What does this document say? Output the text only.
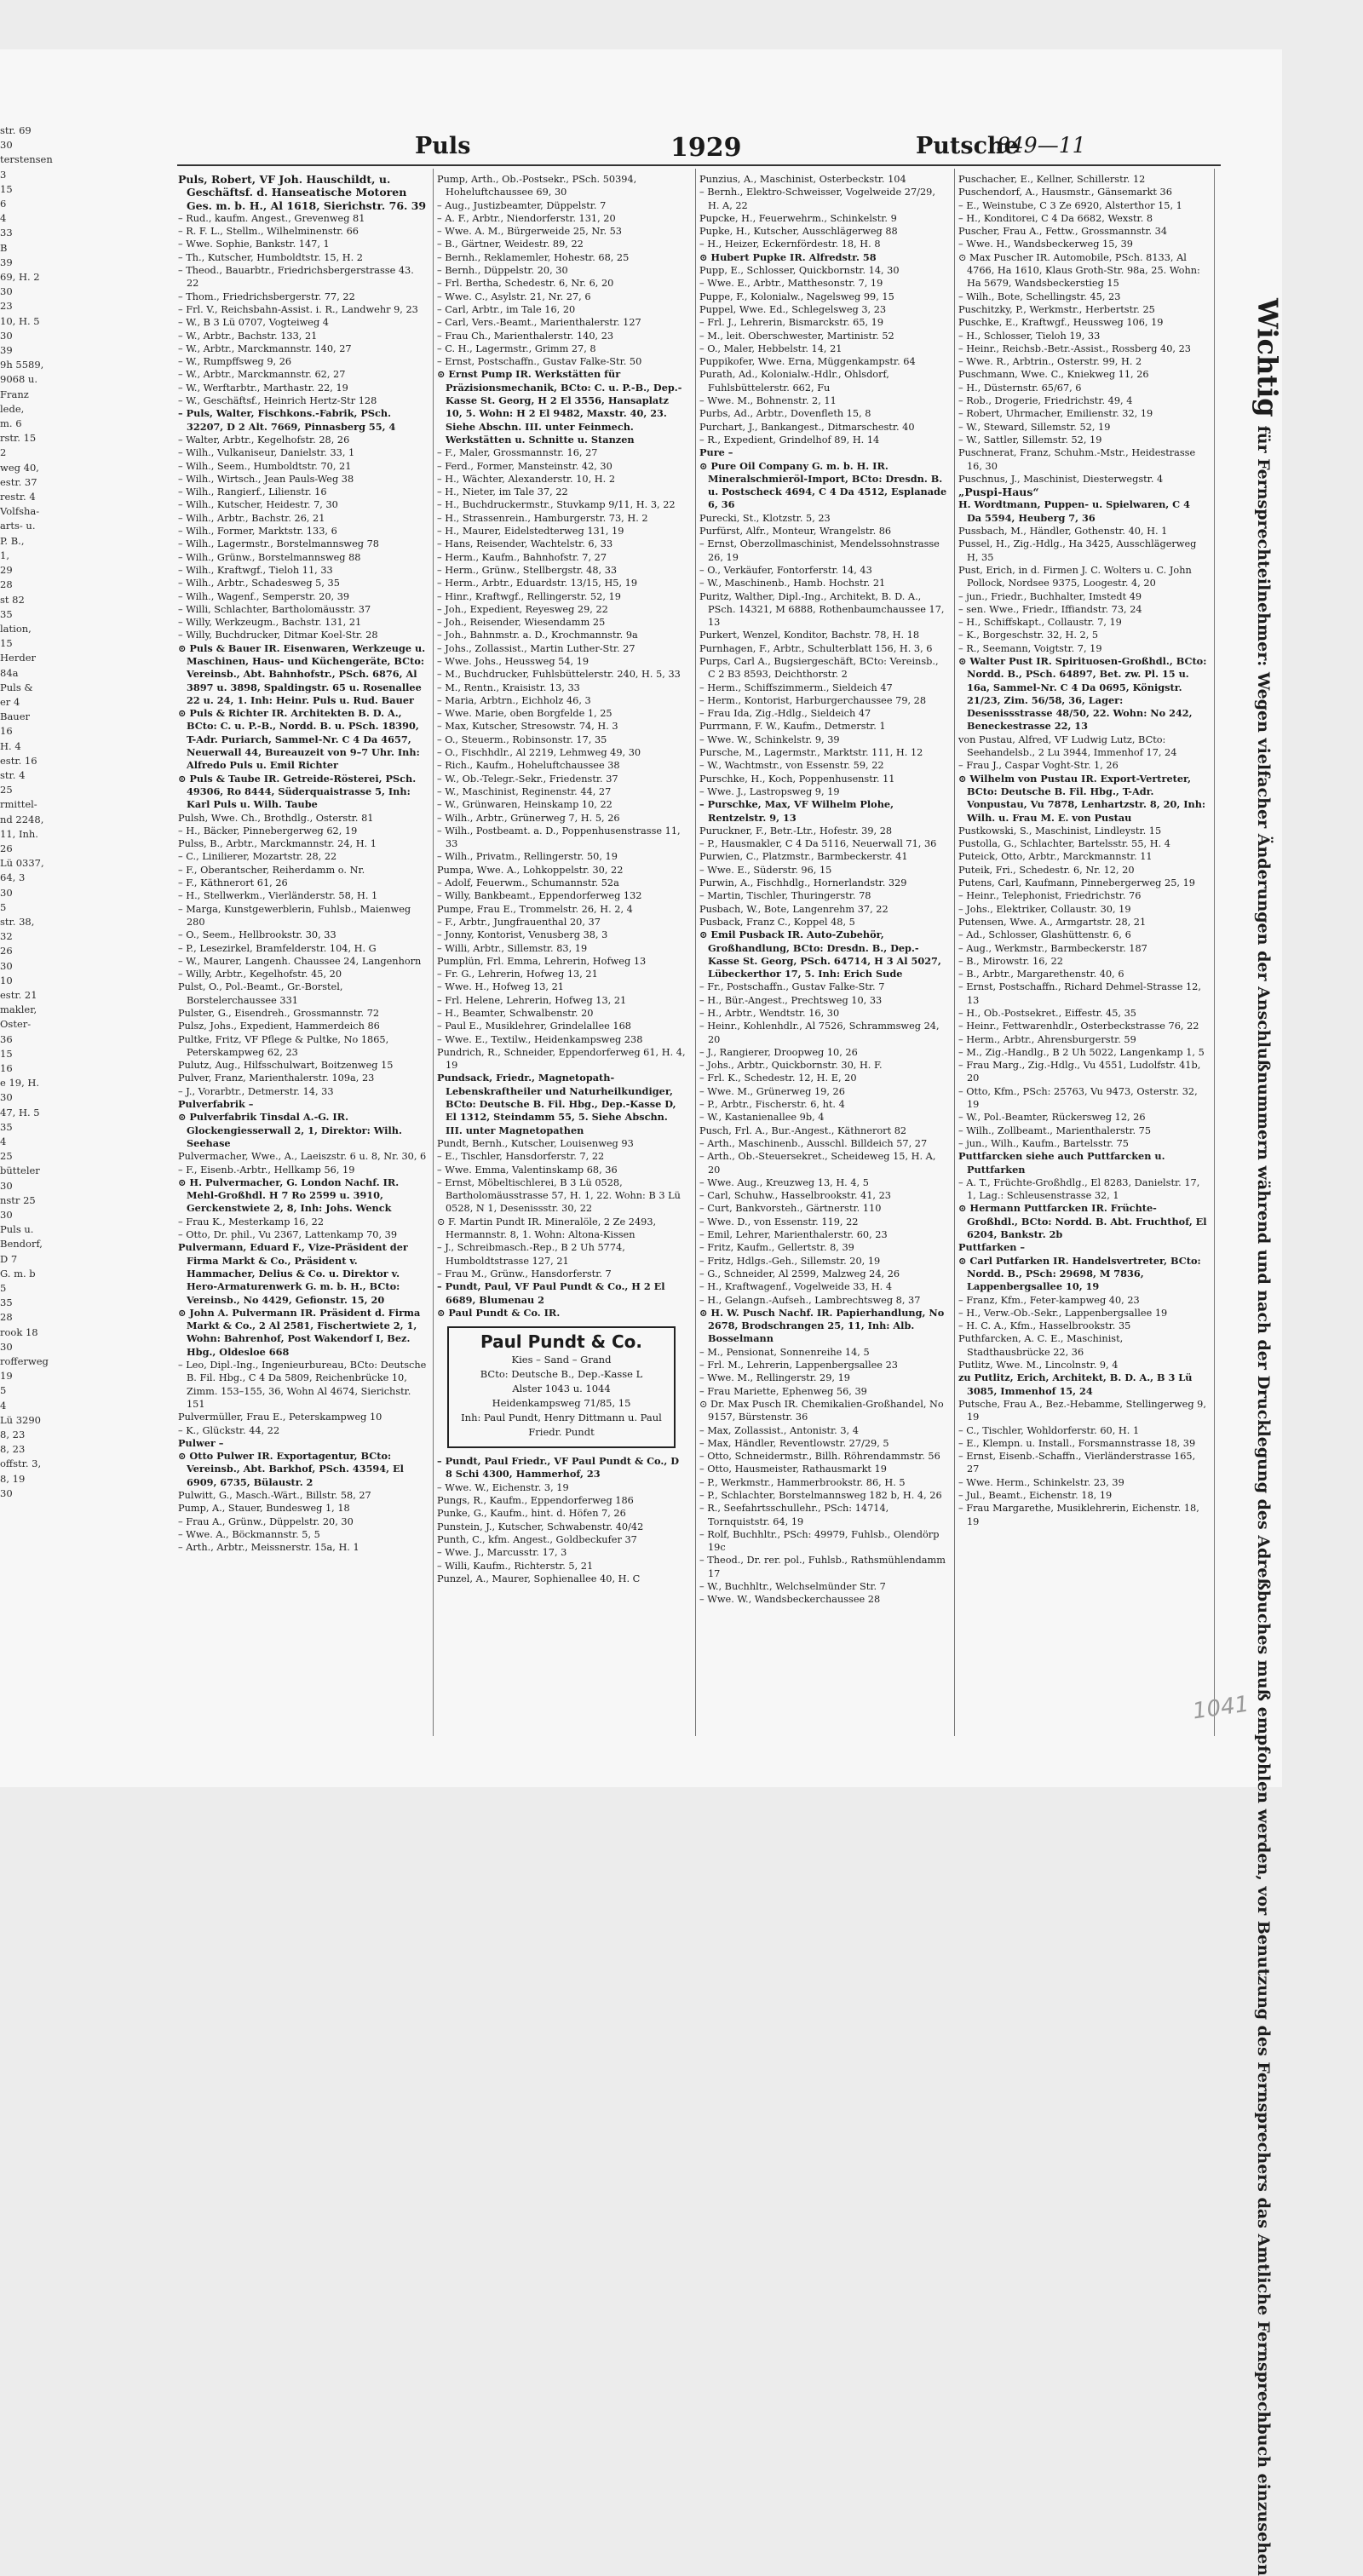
str. 69
30
terstensen
3
15
6
4
33
B
39
69, H. 2
30
23
10, H. 5
30
39
9h 5589,
9068 u.
Franz
lede,
m. 6
rstr. 15
2
weg 40,
estr. 37
restr. 4
Volfsha-
arts- u.
P. B.,
1,
29
28
st 82
35
lation,
15
Herder
84a
Puls &
er 4
Bauer
16
H. 4
estr. 16
str. 4
25
rmittel-
nd 2248,
11, Inh.
26
Lü 0337,
64, 3
30
5
str. 38,
32
26
30
10
estr. 21
makler,
Oster-
36
15
16
e 19, H.
30
47, H. 5
35
4
25
bütteler
30
nstr 25
30
Puls u.
Bendorf,
D 7
G. m. b
5
35
28
rook 18
30
rofferweg
19
5
4
Lü 3290
8, 23
8, 23
offstr. 3,
8, 19
30
Puls	1929	Putsche
849—11

Puls, Robert, VF Joh. Hauschildt, u. Geschäftsf. d. Hanseatische Motoren Ges. m. b. H., Al 1618, Sierichstr. 76. 39

– Rud., kaufm. Angest., Grevenweg 81

– R. F. L., Stellm., Wilhelminenstr. 66

– Wwe. Sophie, Bankstr. 147, 1

– Th., Kutscher, Humboldtstr. 15, H. 2

– Theod., Bauarbtr., Friedrichsbergerstrasse 43. 22

– Thom., Friedrichsbergerstr. 77, 22

– Frl. V., Reichsbahn-Assist. i. R., Landwehr 9, 23

– W., B 3 Lü 0707, Vogteiweg 4

– W., Arbtr., Bachstr. 133, 21

– W., Arbtr., Marckmannstr. 140, 27

– W., Rumpffsweg 9, 26

– W., Arbtr., Marckmannstr. 62, 27

– W., Werftarbtr., Marthastr. 22, 19

– W., Geschäftsf., Heinrich Hertz-Str 128

– Puls, Walter, Fischkons.-Fabrik, PSch. 32207, D 2 Alt. 7669, Pinnasberg 55, 4

– Walter, Arbtr., Kegelhofstr. 28, 26

– Wilh., Vulkaniseur, Danielstr. 33, 1

– Wilh., Seem., Humboldtstr. 70, 21

– Wilh., Wirtsch., Jean Pauls-Weg 38

– Wilh., Rangierf., Lilienstr. 16

– Wilh., Kutscher, Heidestr. 7, 30

– Wilh., Arbtr., Bachstr. 26, 21

– Wilh., Former, Marktstr. 133, 6

– Wilh., Lagermstr., Borstelmannsweg 78

– Wilh., Grünw., Borstelmannsweg 88

– Wilh., Kraftwgf., Tieloh 11, 33

– Wilh., Arbtr., Schadesweg 5, 35

– Wilh., Wagenf., Semperstr. 20, 39

– Willi, Schlachter, Bartholomäusstr. 37

– Willy, Werkzeugm., Bachstr. 131, 21

– Willy, Buchdrucker, Ditmar Koel-Str. 28

⊙ Puls & Bauer IR. Eisenwaren, Werkzeuge u. Maschinen, Haus- und Küchengeräte, BCto: Vereinsb., Abt. Bahnhofstr., PSch. 6876, Al 3897 u. 3898, Spaldingstr. 65 u. Rosenallee 22 u. 24, 1. Inh: Heinr. Puls u. Rud. Bauer

⊙ Puls & Richter IR. Architekten B. D. A., BCto: C. u. P.-B., Nordd. B. u. PSch. 18390, T-Adr. Puriarch, Sammel-Nr. C 4 Da 4657, Neuerwall 44, Bureauzeit von 9–7 Uhr. Inh: Alfredo Puls u. Emil Richter

⊙ Puls & Taube IR. Getreide-Rösterei, PSch. 49306, Ro 8444, Süderquaistrasse 5, Inh: Karl Puls u. Wilh. Taube

Pulsh, Wwe. Ch., Brothdlg., Osterstr. 81

– H., Bäcker, Pinnebergerweg 62, 19

Pulss, B., Arbtr., Marckmannstr. 24, H. 1

– C., Linilierer, Mozartstr. 28, 22

– F., Oberantscher, Reiherdamm o. Nr.

– F., Käthnerort 61, 26

– H., Stellwerkm., Vierländerstr. 58, H. 1

– Marga, Kunstgewerblerin, Fuhlsb., Maienweg 280

– O., Seem., Hellbrookstr. 30, 33

– P., Lesezirkel, Bramfelderstr. 104, H. G

– W., Maurer, Langenh. Chaussee 24, Langenhorn

– Willy, Arbtr., Kegelhofstr. 45, 20

Pulst, O., Pol.-Beamt., Gr.-Borstel, Borstelerchaussee 331

Pulster, G., Eisendreh., Grossmannstr. 72

Pulsz, Johs., Expedient, Hammerdeich 86

Pultke, Fritz, VF Pflege & Pultke, No 1865, Peterskampweg 62, 23

Pulutz, Aug., Hilfsschulwart, Boitzenweg 15

Pulver, Franz, Marienthalerstr. 109a, 23

– J., Vorarbtr., Detmerstr. 14, 33

Pulverfabrik –

⊙ Pulverfabrik Tinsdal A.-G. IR. Glockengiesserwall 2, 1, Direktor: Wilh. Seehase

Pulvermacher, Wwe., A., Laeiszstr. 6 u. 8, Nr. 30, 6

– F., Eisenb.-Arbtr., Hellkamp 56, 19

⊙ H. Pulvermacher, G. London Nachf. IR. Mehl-Großhdl. H 7 Ro 2599 u. 3910, Gerckenstwiete 2, 8, Inh: Johs. Wenck

– Frau K., Mesterkamp 16, 22

– Otto, Dr. phil., Vu 2367, Lattenkamp 70, 39

Pulvermann, Eduard F., Vize-Präsident der Firma Markt & Co., Präsident v. Hammacher, Delius & Co. u. Direktor v. Hero-Armaturenwerk G. m. b. H., BCto: Vereinsb., No 4429, Gefionstr. 15, 20

⊙ John A. Pulvermann IR. Präsident d. Firma Markt & Co., 2 Al 2581, Fischertwiete 2, 1, Wohn: Bahrenhof, Post Wakendorf I, Bez. Hbg., Oldesloe 668

– Leo, Dipl.-Ing., Ingenieurbureau, BCto: Deutsche B. Fil. Hbg., C 4 Da 5809, Reichenbrücke 10, Zimm. 153–155, 36, Wohn Al 4674, Sierichstr. 151

Pulvermüller, Frau E., Peterskampweg 10

– K., Glückstr. 44, 22

Pulwer –

⊙ Otto Pulwer IR. Exportagentur, BCto: Vereinsb., Abt. Barkhof, PSch. 43594, El 6909, 6735, Bülaustr. 2

Pulwitt, G., Masch.-Wärt., Billstr. 58, 27

Pump, A., Stauer, Bundesweg 1, 18

– Frau A., Grünw., Düppelstr. 20, 30

– Wwe. A., Böckmannstr. 5, 5

– Arth., Arbtr., Meissnerstr. 15a, H. 1

Pump, Arth., Ob.-Postsekr., PSch. 50394, Hoheluftchaussee 69, 30

– Aug., Justizbeamter, Düppelstr. 7

– A. F., Arbtr., Niendorferstr. 131, 20

– Wwe. A. M., Bürgerweide 25, Nr. 53

– B., Gärtner, Weidestr. 89, 22

– Bernh., Reklamemler, Hohestr. 68, 25

– Bernh., Düppelstr. 20, 30

– Frl. Bertha, Schedestr. 6, Nr. 6, 20

– Wwe. C., Asylstr. 21, Nr. 27, 6

– Carl, Arbtr., im Tale 16, 20

– Carl, Vers.-Beamt., Marienthalerstr. 127

– Frau Ch., Marienthalerstr. 140, 23

– C. H., Lagermstr., Grimm 27, 8

– Ernst, Postschaffn., Gustav Falke-Str. 50

⊙ Ernst Pump IR. Werkstätten für Präzisionsmechanik, BCto: C. u. P.-B., Dep.-Kasse St. Georg, H 2 El 3556, Hansaplatz 10, 5. Wohn: H 2 El 9482, Maxstr. 40, 23. Siehe Abschn. III. unter Feinmech. Werkstätten u. Schnitte u. Stanzen

– F., Maler, Grossmannstr. 16, 27

– Ferd., Former, Mansteinstr. 42, 30

– H., Wächter, Alexanderstr. 10, H. 2

– H., Nieter, im Tale 37, 22

– H., Buchdruckermstr., Stuvkamp 9/11, H. 3, 22

– H., Strassenrein., Hamburgerstr. 73, H. 2

– H., Maurer, Eidelstedterweg 131, 19

– Hans, Reisender, Wachtelstr. 6, 33

– Herm., Kaufm., Bahnhofstr. 7, 27

– Herm., Grünw., Stellbergstr. 48, 33

– Herm., Arbtr., Eduardstr. 13/15, H5, 19

– Hinr., Kraftwgf., Rellingerstr. 52, 19

– Joh., Expedient, Reyesweg 29, 22

– Joh., Reisender, Wiesendamm 25

– Joh., Bahnmstr. a. D., Krochmannstr. 9a

– Johs., Zollassist., Martin Luther-Str. 27

– Wwe. Johs., Heussweg 54, 19

– M., Buchdrucker, Fuhlsbüttelerstr. 240, H. 5, 33

– M., Rentn., Kraisistr. 13, 33

– Maria, Arbtrn., Eichholz 46, 3

– Wwe. Marie, oben Borgfelde 1, 25

– Max, Kutscher, Stresowstr. 74, H. 3

– O., Steuerm., Robinsonstr. 17, 35

– O., Fischhdlr., Al 2219, Lehmweg 49, 30

– Rich., Kaufm., Hoheluftchaussee 38

– W., Ob.-Telegr.-Sekr., Friedenstr. 37

– W., Maschinist, Reginenstr. 44, 27

– W., Grünwaren, Heinskamp 10, 22

– Wilh., Arbtr., Grünerweg 7, H. 5, 26

– Wilh., Postbeamt. a. D., Poppenhusenstrasse 11, 33

– Wilh., Privatm., Rellingerstr. 50, 19

Pumpa, Wwe. A., Lohkoppelstr. 30, 22

– Adolf, Feuerwm., Schumannstr. 52a

– Willy, Bankbeamt., Eppendorferweg 132

Pumpe, Frau E., Trommelstr. 26, H. 2, 4

– F., Arbtr., Jungfrauenthal 20, 37

– Jonny, Kontorist, Venusberg 38, 3

– Willi, Arbtr., Sillemstr. 83, 19

Pumplün, Frl. Emma, Lehrerin, Hofweg 13

– Fr. G., Lehrerin, Hofweg 13, 21

– Wwe. H., Hofweg 13, 21

– Frl. Helene, Lehrerin, Hofweg 13, 21

– H., Beamter, Schwalbenstr. 20

– Paul E., Musiklehrer, Grindelallee 168

– Wwe. E., Textilw., Heidenkampsweg 238

Pundrich, R., Schneider, Eppendorferweg 61, H. 4, 19

Pundsack, Friedr., Magnetopath-Lebenskraftheiler und Naturheilkundiger, BCto: Deutsche B. Fil. Hbg., Dep.-Kasse D, El 1312, Steindamm 55, 5. Siehe Abschn. III. unter Magnetopathen

Pundt, Bernh., Kutscher, Louisenweg 93

– E., Tischler, Hansdorferstr. 7, 22

– Wwe. Emma, Valentinskamp 68, 36

– Ernst, Möbeltischlerei, B 3 Lü 0528, Bartholomäusstrasse 57, H. 1, 22. Wohn: B 3 Lü 0528, N 1, Desenissstr. 30, 22

⊙ F. Martin Pundt IR. Mineralöle, 2 Ze 2493, Hermannstr. 8, 1. Wohn: Altona-Kissen

– J., Schreibmasch.-Rep., B 2 Uh 5774, Humboldtstrasse 127, 21

– Frau M., Grünw., Hansdorferstr. 7

– Pundt, Paul, VF Paul Pundt & Co., H 2 El 6689, Blumenau 2

⊙ Paul Pundt & Co. IR.

Paul Pundt & Co.
Kies – Sand – Grand
BCto: Deutsche B., Dep.-Kasse L
Alster 1043 u. 1044
Heidenkampsweg 71/85, 15
Inh: Paul Pundt, Henry Dittmann u. Paul Friedr. Pundt

– Pundt, Paul Friedr., VF Paul Pundt & Co., D 8 Schi 4300, Hammerhof, 23

– Wwe. W., Eichenstr. 3, 19

Pungs, R., Kaufm., Eppendorferweg 186

Punke, G., Kaufm., hint. d. Höfen 7, 26

Punstein, J., Kutscher, Schwabenstr. 40/42

Punth, C., kfm. Angest., Goldbeckufer 37

– Wwe. J., Marcusstr. 17, 3

– Willi, Kaufm., Richterstr. 5, 21

Punzel, A., Maurer, Sophienallee 40, H. C

Punzius, A., Maschinist, Osterbeckstr. 104

– Bernh., Elektro-Schweisser, Vogelweide 27/29, H. A, 22

Pupcke, H., Feuerwehrm., Schinkelstr. 9

Pupke, H., Kutscher, Ausschlägerweg 88

– H., Heizer, Eckernfördestr. 18, H. 8

⊙ Hubert Pupke IR. Alfredstr. 58

Pupp, E., Schlosser, Quickbornstr. 14, 30

– Wwe. E., Arbtr., Matthesonstr. 7, 19

Puppe, F., Kolonialw., Nagelsweg 99, 15

Puppel, Wwe. Ed., Schlegelsweg 3, 23

– Frl. J., Lehrerin, Bismarckstr. 65, 19

– M., leit. Oberschwester, Martinistr. 52

– O., Maler, Hebbelstr. 14, 21

Puppikofer, Wwe. Erna, Müggenkampstr. 64

Purath, Ad., Kolonialw.-Hdlr., Ohlsdorf, Fuhlsbüttelerstr. 662, Fu

– Wwe. M., Bohnenstr. 2, 11

Purbs, Ad., Arbtr., Dovenfleth 15, 8

Purchart, J., Bankangest., Ditmarschestr. 40

– R., Expedient, Grindelhof 89, H. 14

Pure –

⊙ Pure Oil Company G. m. b. H. IR. Mineralschmieröl-Import, BCto: Dresdn. B. u. Postscheck 4694, C 4 Da 4512, Esplanade 6, 36

Purecki, St., Klotzstr. 5, 23

Purfürst, Alfr., Monteur, Wrangelstr. 86

– Ernst, Oberzollmaschinist, Mendelssohnstrasse 26, 19

– O., Verkäufer, Fontorferstr. 14, 43

– W., Maschinenb., Hamb. Hochstr. 21

Puritz, Walther, Dipl.-Ing., Architekt, B. D. A., PSch. 14321, M 6888, Rothenbaumchaussee 17, 13

Purkert, Wenzel, Konditor, Bachstr. 78, H. 18

Purnhagen, F., Arbtr., Schulterblatt 156, H. 3, 6

Purps, Carl A., Bugsiergeschäft, BCto: Vereinsb., C 2 B3 8593, Deichthorstr. 2

– Herm., Schiffszimmerm., Sieldeich 47

– Herm., Kontorist, Harburgerchaussee 79, 28

– Frau Ida, Zig.-Hdlg., Sieldeich 47

Purrmann, F. W., Kaufm., Detmerstr. 1

– Wwe. W., Schinkelstr. 9, 39

Pursche, M., Lagermstr., Marktstr. 111, H. 12

– W., Wachtmstr., von Essenstr. 59, 22

Purschke, H., Koch, Poppenhusenstr. 11

– Wwe. J., Lastropsweg 9, 19

– Purschke, Max, VF Wilhelm Plohe, Rentzelstr. 9, 13

Puruckner, F., Betr.-Ltr., Hofestr. 39, 28

– P., Hausmakler, C 4 Da 5116, Neuerwall 71, 36

Purwien, C., Platzmstr., Barmbeckerstr. 41

– Wwe. E., Süderstr. 96, 15

Purwin, A., Fischhdlg., Hornerlandstr. 329

– Martin, Tischler, Thuringerstr. 78

Pusbach, W., Bote, Langenrehm 37, 22

Pusback, Franz C., Koppel 48, 5

⊙ Emil Pusback IR. Auto-Zubehör, Großhandlung, BCto: Dresdn. B., Dep.-Kasse St. Georg, PSch. 64714, H 3 Al 5027, Lübeckerthor 17, 5. Inh: Erich Sude

– Fr., Postschaffn., Gustav Falke-Str. 7

– H., Bür.-Angest., Prechtsweg 10, 33

– H., Arbtr., Wendtstr. 16, 30

– Heinr., Kohlenhdlr., Al 7526, Schrammsweg 24, 20

– J., Rangierer, Droopweg 10, 26

– Johs., Arbtr., Quickbornstr. 30, H. F.

– Frl. K., Schedestr. 12, H. E, 20

– Wwe. M., Grünerweg 19, 26

– P., Arbtr., Fischerstr. 6, ht. 4

– W., Kastanienallee 9b, 4

Pusch, Frl. A., Bur.-Angest., Käthnerort 82

– Arth., Maschinenb., Ausschl. Billdeich 57, 27

– Arth., Ob.-Steuersekret., Scheideweg 15, H. A, 20

– Wwe. Aug., Kreuzweg 13, H. 4, 5

– Carl, Schuhw., Hasselbrookstr. 41, 23

– Curt, Bankvorsteh., Gärtnerstr. 110

– Wwe. D., von Essenstr. 119, 22

– Emil, Lehrer, Marienthalerstr. 60, 23

– Fritz, Kaufm., Gellertstr. 8, 39

– Fritz, Hdlgs.-Geh., Sillemstr. 20, 19

– G., Schneider, Al 2599, Malzweg 24, 26

– H., Kraftwagenf., Vogelweide 33, H. 4

– H., Gelangn.-Aufseh., Lambrechtsweg 8, 37

⊙ H. W. Pusch Nachf. IR. Papierhandlung, No 2678, Brodschrangen 25, 11, Inh: Alb. Bosselmann

– M., Pensionat, Sonnenreihe 14, 5

– Frl. M., Lehrerin, Lappenbergsallee 23

– Wwe. M., Rellingerstr. 29, 19

– Frau Mariette, Ephenweg 56, 39

⊙ Dr. Max Pusch IR. Chemikalien-Großhandel, No 9157, Bürstenstr. 36

– Max, Zollassist., Antonistr. 3, 4

– Max, Händler, Reventlowstr. 27/29, 5

– Otto, Schneidermstr., Billh. Röhrendammstr. 56

– Otto, Hausmeister, Rathausmarkt 19

– P., Werkmstr., Hammerbrookstr. 86, H. 5

– P., Schlachter, Borstelmannsweg 182 b, H. 4, 26

– R., Seefahrtsschullehr., PSch: 14714, Tornquiststr. 64, 19

– Rolf, Buchhltr., PSch: 49979, Fuhlsb., Olendörp 19c

– Theod., Dr. rer. pol., Fuhlsb., Rathsmühlendamm 17

– W., Buchhltr., Welchselmünder Str. 7

– Wwe. W., Wandsbeckerchaussee 28

Puschacher, E., Kellner, Schillerstr. 12

Puschendorf, A., Hausmstr., Gänsemarkt 36

– E., Weinstube, C 3 Ze 6920, Alsterthor 15, 1

– H., Konditorei, C 4 Da 6682, Wexstr. 8

Puscher, Frau A., Fettw., Grossmannstr. 34

– Wwe. H., Wandsbeckerweg 15, 39

⊙ Max Puscher IR. Automobile, PSch. 8133, Al 4766, Ha 1610, Klaus Groth-Str. 98a, 25. Wohn: Ha 5679, Wandsbeckerstieg 15

– Wilh., Bote, Schellingstr. 45, 23

Puschitzky, P., Werkmstr., Herbertstr. 25

Puschke, E., Kraftwgf., Heussweg 106, 19

– H., Schlosser, Tieloh 19, 33

– Heinr., Reichsb.-Betr.-Assist., Rossberg 40, 23

– Wwe. R., Arbtrin., Osterstr. 99, H. 2

Puschmann, Wwe. C., Kniekweg 11, 26

– H., Düsternstr. 65/67, 6

– Rob., Drogerie, Friedrichstr. 49, 4

– Robert, Uhrmacher, Emilienstr. 32, 19

– W., Steward, Sillemstr. 52, 19

– W., Sattler, Sillemstr. 52, 19

Puschnerat, Franz, Schuhm.-Mstr., Heidestrasse 16, 30

Puschnus, J., Maschinist, Diesterwegstr. 4

„Puspi-Haus“

H. Wordtmann, Puppen- u. Spielwaren, C 4 Da 5594, Heuberg 7, 36

Pussbach, M., Händler, Gothenstr. 40, H. 1

Pussel, H., Zig.-Hdlg., Ha 3425, Ausschlägerweg H, 35

Pust, Erich, in d. Firmen J. C. Wolters u. C. John Pollock, Nordsee 9375, Loogestr. 4, 20

– jun., Friedr., Buchhalter, Imstedt 49

– sen. Wwe., Friedr., Iffiandstr. 73, 24

– H., Schiffskapt., Collaustr. 7, 19

– K., Borgeschstr. 32, H. 2, 5

– R., Seemann, Voigtstr. 7, 19

⊙ Walter Pust IR. Spirituosen-Großhdl., BCto: Nordd. B., PSch. 64897, Bet. zw. Pl. 15 u. 16a, Sammel-Nr. C 4 Da 0695, Königstr. 21/23, Zim. 56/58, 36, Lager: Desenissstrasse 48/50, 22. Wohn: No 242, Beneckestrasse 22, 13

von Pustau, Alfred, VF Ludwig Lutz, BCto: Seehandelsb., 2 Lu 3944, Immenhof 17, 24

– Frau J., Caspar Voght-Str. 1, 26

⊙ Wilhelm von Pustau IR. Export-Vertreter, BCto: Deutsche B. Fil. Hbg., T-Adr. Vonpustau, Vu 7878, Lenhartzstr. 8, 20, Inh: Wilh. u. Frau M. E. von Pustau

Pustkowski, S., Maschinist, Lindleystr. 15

Pustolla, G., Schlachter, Bartelsstr. 55, H. 4

Puteick, Otto, Arbtr., Marckmannstr. 11

Puteik, Fri., Schedestr. 6, Nr. 12, 20

Putens, Carl, Kaufmann, Pinnebergerweg 25, 19

– Heinr., Telephonist, Friedrichstr. 76

– Johs., Elektriker, Collaustr. 30, 19

Putensen, Wwe. A., Armgartstr. 28, 21

– Ad., Schlosser, Glashüttenstr. 6, 6

– Aug., Werkmstr., Barmbeckerstr. 187

– B., Mirowstr. 16, 22

– B., Arbtr., Margarethenstr. 40, 6

– Ernst, Postschaffn., Richard Dehmel-Strasse 12, 13

– H., Ob.-Postsekret., Eiffestr. 45, 35

– Heinr., Fettwarenhdlr., Osterbeckstrasse 76, 22

– Herm., Arbtr., Ahrensburgerstr. 59

– M., Zig.-Handlg., B 2 Uh 5022, Langenkamp 1, 5

– Frau Marg., Zig.-Hdlg., Vu 4551, Ludolfstr. 41b, 20

– Otto, Kfm., PSch: 25763, Vu 9473, Osterstr. 32, 19

– W., Pol.-Beamter, Rückersweg 12, 26

– Wilh., Zollbeamt., Marienthalerstr. 75

– jun., Wilh., Kaufm., Bartelsstr. 75

Puttfarcken siehe auch Puttfarcken u. Puttfarken

– A. T., Früchte-Großhdlg., El 8283, Danielstr. 17, 1, Lag.: Schleusenstrasse 32, 1

⊙ Hermann Puttfarcken IR. Früchte-Großhdl., BCto: Nordd. B. Abt. Fruchthof, El 6204, Bankstr. 2b

Puttfarken –

⊙ Carl Putfarken IR. Handelsvertreter, BCto: Nordd. B., PSch: 29698, M 7836, Lappenbergsallee 10, 19

– Franz, Kfm., Feter-kampweg 40, 23

– H., Verw.-Ob.-Sekr., Lappenbergsallee 19

– H. C. A., Kfm., Hasselbrookstr. 35

Puthfarcken, A. C. E., Maschinist, Stadthausbrücke 22, 36

Putlitz, Wwe. M., Lincolnstr. 9, 4

zu Putlitz, Erich, Architekt, B. D. A., B 3 Lü 3085, Immenhof 15, 24

Putsche, Frau A., Bez.-Hebamme, Stellingerweg 9, 19

– C., Tischler, Wohldorferstr. 60, H. 1

– E., Klempn. u. Install., Forsmannstrasse 18, 39

– Ernst, Eisenb.-Schaffn., Vierländerstrasse 165, 27

– Wwe. Herm., Schinkelstr. 23, 39

– Jul., Beamt., Eichenstr. 18, 19

– Frau Margarethe, Musiklehrerin, Eichenstr. 18, 19

Wichtigfür Fernsprechteilnehmer: Wegen vielfacher Änderungen der Anschlußnummern während und nach der Drucklegung des Adreßbuches muß empfohlen werden, vor Benutzung des Fernsprechers das Amtliche Fernsprechbuch einzusehen
1041
